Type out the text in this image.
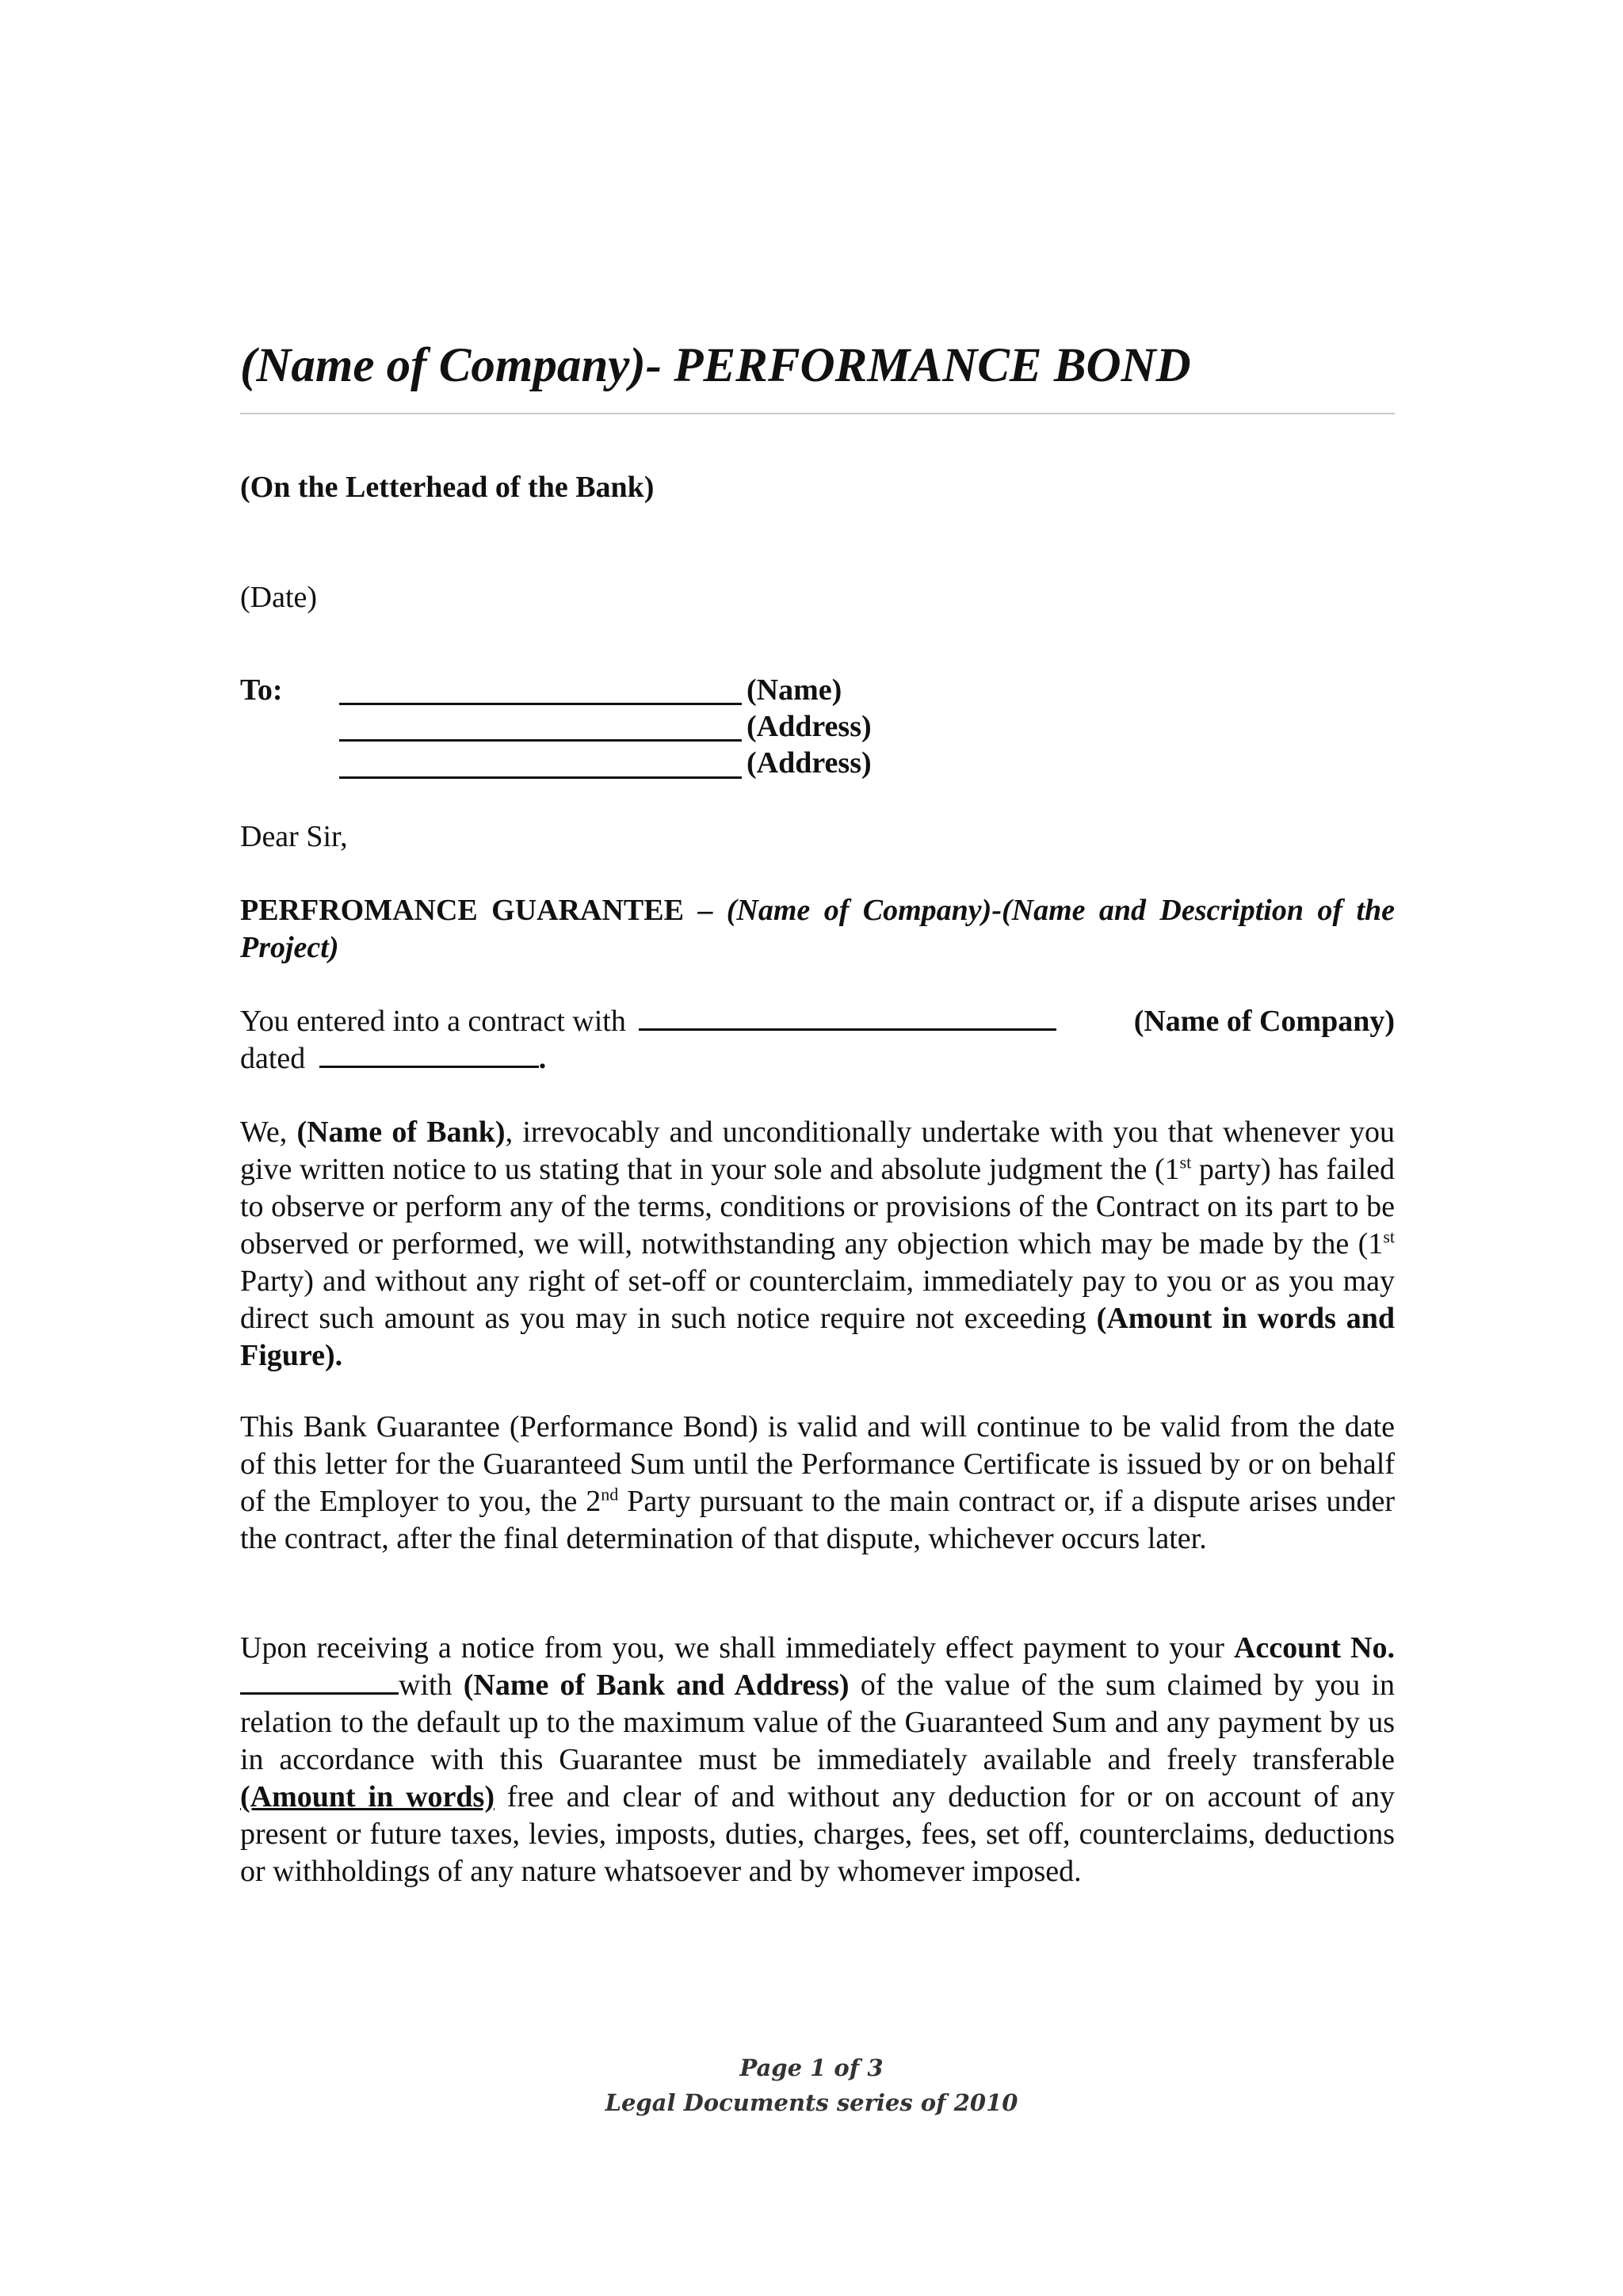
(Name of Company)- PERFORMANCE BOND
(On the Letterhead of the Bank)
(Date)
To:	(Name)
(Address)
(Address)
Dear Sir,
PERFROMANCE GUARANTEE – (Name of Company)-(Name and Description of the Project)
You entered into a contract with	(Name of Company)
dated	.
We, (Name of Bank), irrevocably and unconditionally undertake with you that whenever you give written notice to us stating that in your sole and absolute judgment the (1st party) has failed to observe or perform any of the terms, conditions or provisions of the Contract on its part to be observed or performed, we will, notwithstanding any objection which may be made by the (1st Party) and without any right of set-off or counterclaim, immediately pay to you or as you may direct such amount as you may in such notice require not exceeding (Amount in words and Figure).
This Bank Guarantee (Performance Bond) is valid and will continue to be valid from the date of this letter for the Guaranteed Sum until the Performance Certificate is issued by or on behalf of the Employer to you, the 2nd Party pursuant to the main contract or, if a dispute arises under the contract, after the final determination of that dispute, whichever occurs later.
Upon receiving a notice from you, we shall immediately effect payment to your Account No. with (Name of Bank and Address) of the value of the sum claimed by you in relation to the default up to the maximum value of the Guaranteed Sum and any payment by us in accordance with this Guarantee must be immediately available and freely transferable (Amount in words) free and clear of and without any deduction for or on account of any present or future taxes, levies, imposts, duties, charges, fees, set off, counterclaims, deductions or withholdings of any nature whatsoever and by whomever imposed.
Page 1 of 3
Legal Documents series of 2010
